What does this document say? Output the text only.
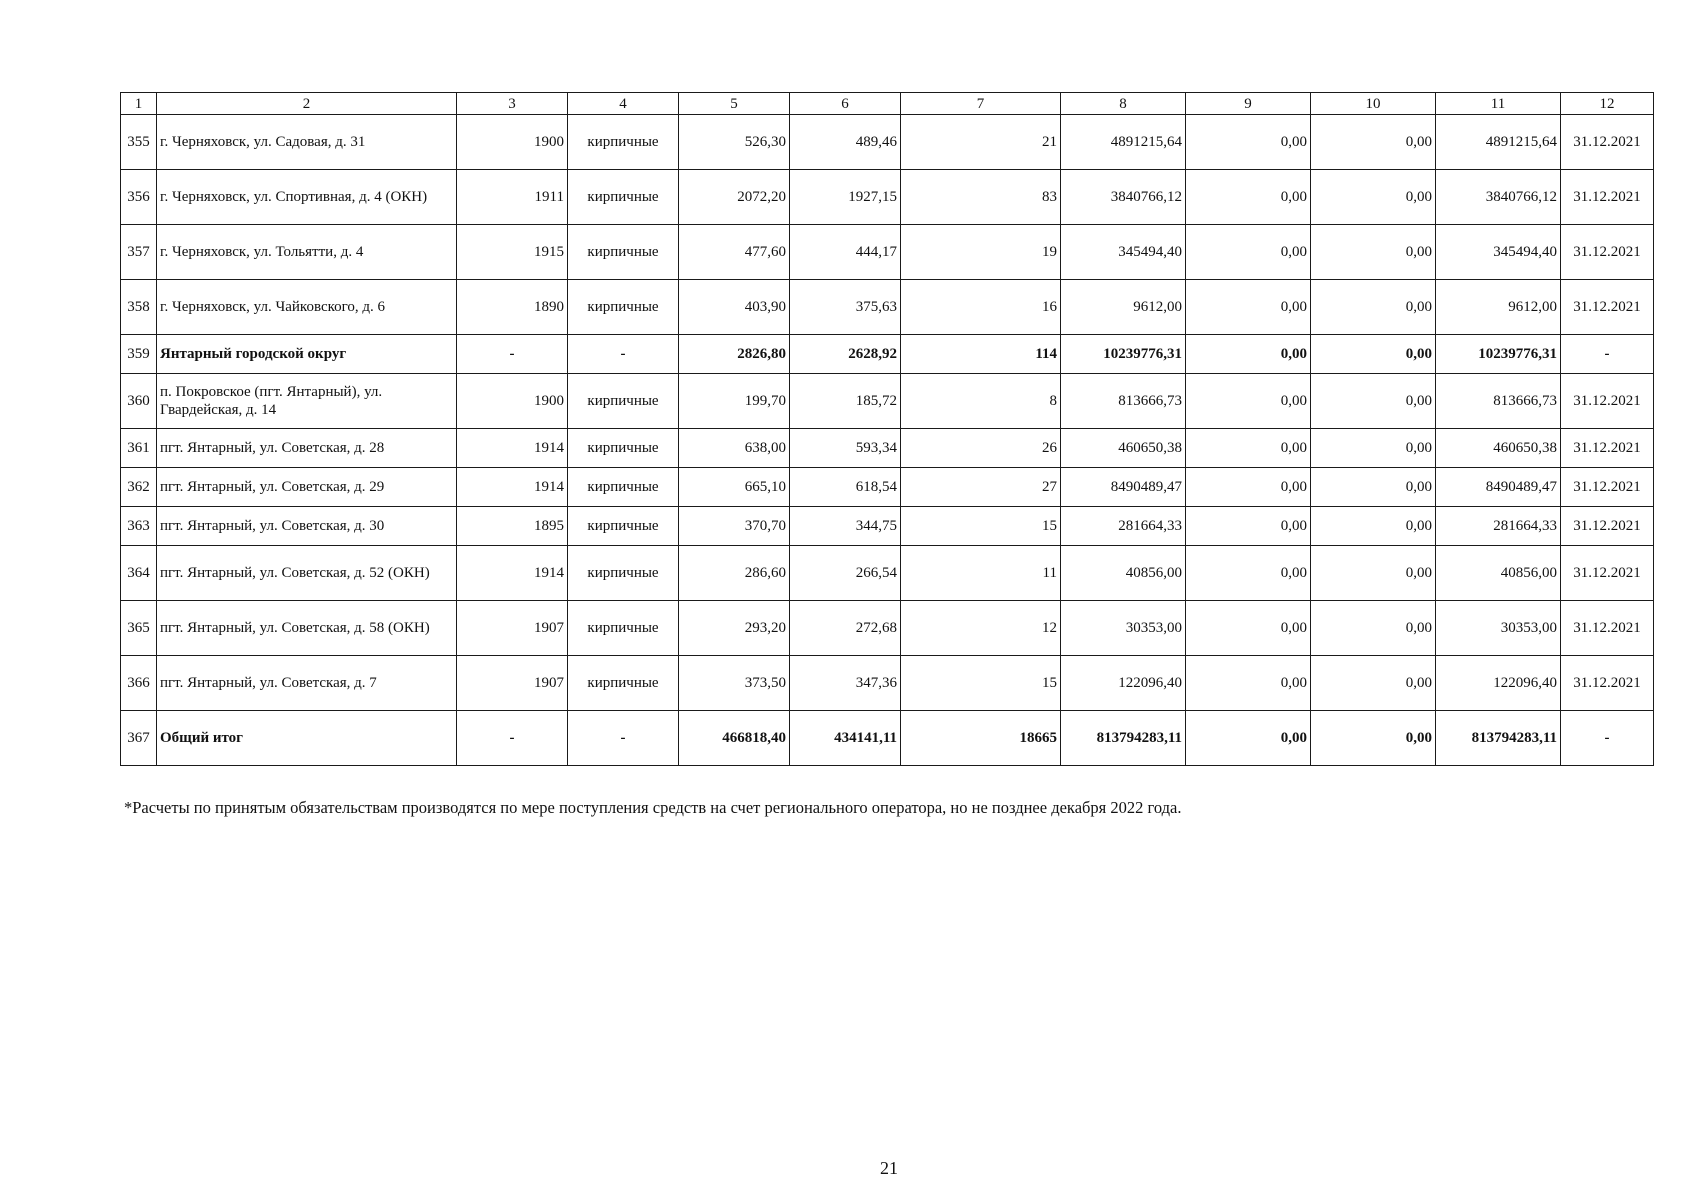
1	2	3	4	5	6	7	8	9	10	11	12
355	г. Черняховск, ул. Садовая, д. 31	1900	кирпичные	526,30	489,46	21	4891215,64	0,00	0,00	4891215,64	31.12.2021
356	г. Черняховск, ул. Спортивная, д. 4 (ОКН)	1911	кирпичные	2072,20	1927,15	83	3840766,12	0,00	0,00	3840766,12	31.12.2021
357	г. Черняховск, ул. Тольятти, д. 4	1915	кирпичные	477,60	444,17	19	345494,40	0,00	0,00	345494,40	31.12.2021
358	г. Черняховск, ул. Чайковского, д. 6	1890	кирпичные	403,90	375,63	16	9612,00	0,00	0,00	9612,00	31.12.2021
359	Янтарный городской округ	-	-	2826,80	2628,92	114	10239776,31	0,00	0,00	10239776,31	-
360	п. Покровское (пгт. Янтарный), ул. Гвардейская, д. 14	1900	кирпичные	199,70	185,72	8	813666,73	0,00	0,00	813666,73	31.12.2021
361	пгт. Янтарный, ул. Советская, д. 28	1914	кирпичные	638,00	593,34	26	460650,38	0,00	0,00	460650,38	31.12.2021
362	пгт. Янтарный, ул. Советская, д. 29	1914	кирпичные	665,10	618,54	27	8490489,47	0,00	0,00	8490489,47	31.12.2021
363	пгт. Янтарный, ул. Советская, д. 30	1895	кирпичные	370,70	344,75	15	281664,33	0,00	0,00	281664,33	31.12.2021
364	пгт. Янтарный, ул. Советская, д. 52 (ОКН)	1914	кирпичные	286,60	266,54	11	40856,00	0,00	0,00	40856,00	31.12.2021
365	пгт. Янтарный, ул. Советская, д. 58 (ОКН)	1907	кирпичные	293,20	272,68	12	30353,00	0,00	0,00	30353,00	31.12.2021
366	пгт. Янтарный, ул. Советская, д. 7	1907	кирпичные	373,50	347,36	15	122096,40	0,00	0,00	122096,40	31.12.2021
367	Общий итог	-	-	466818,40	434141,11	18665	813794283,11	0,00	0,00	813794283,11	-
*Расчеты по принятым обязательствам производятся по мере поступления средств на счет регионального оператора, но не позднее декабря 2022 года.
21
